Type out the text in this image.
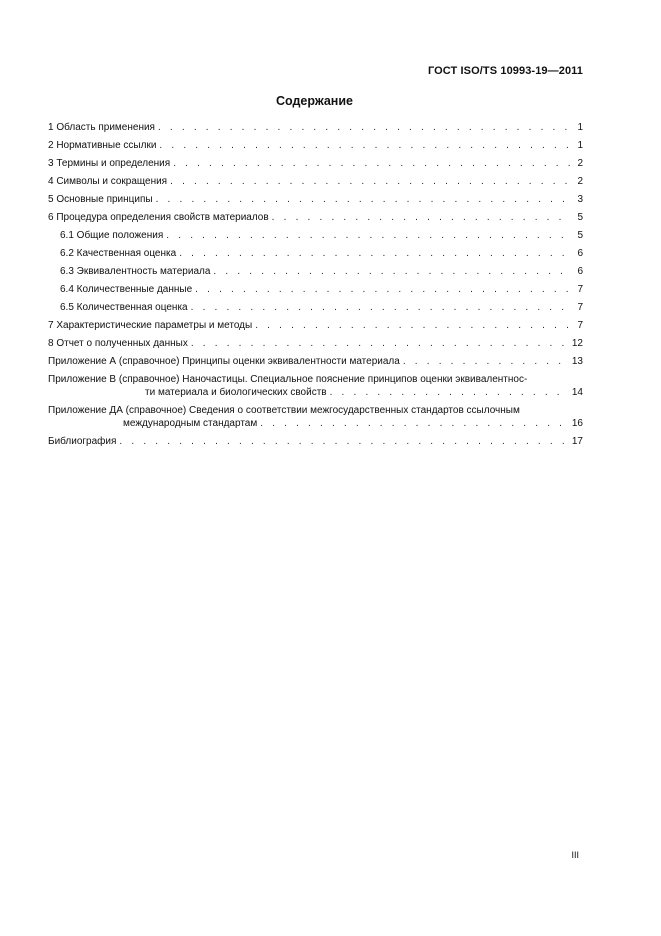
ГОСТ ISO/TS 10993-19—2011
Содержание
1 Область применения . . .	1
2 Нормативные ссылки . . .	1
3 Термины и определения . . .	2
4 Символы и сокращения . . .	2
5 Основные принципы . . .	3
6 Процедура определения свойств материалов . . .	5
6.1 Общие положения . . .	5
6.2 Качественная оценка . . .	6
6.3 Эквивалентность материала . . .	6
6.4 Количественные данные . . .	7
6.5 Количественная оценка . . .	7
7 Характеристические параметры и методы . . .	7
8 Отчет о полученных данных . . .	12
Приложение А (справочное) Принципы оценки эквивалентности материала . . .	13
Приложение В (справочное) Наночастицы. Специальное пояснение принципов оценки эквивалентнос-
ти материала и биологических свойств . . .	14
Приложение ДА (справочное) Сведения о соответствии межгосударственных стандартов ссылочным
международным стандартам . . .	16
Библиография . . .	17
III
